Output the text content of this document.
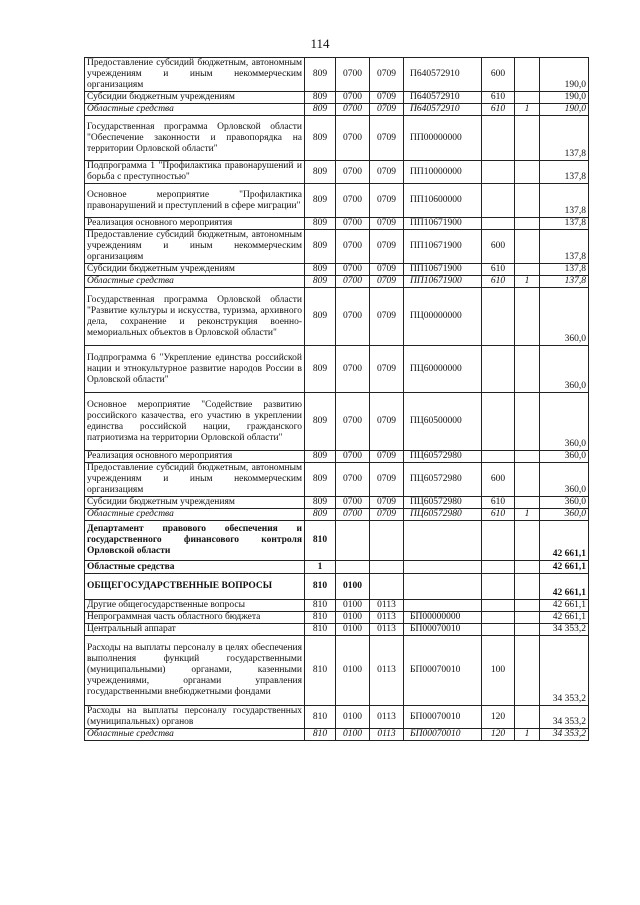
114
Предоставление субсидий бюджетным, автономным учреждениям и иным некоммерческим организациям	809	0700	0709	П640572910	600		190,0
Субсидии бюджетным учреждениям	809	0700	0709	П640572910	610		190,0
Областные средства	809	0700	0709	П640572910	610	1	190,0
Государственная программа Орловской области "Обеспечение законности и правопорядка на территории Орловской области"	809	0700	0709	ПП00000000			137,8
Подпрограмма 1 "Профилактика правонарушений и борьба с преступностью"	809	0700	0709	ПП10000000			137,8
Основное мероприятие "Профилактика правонарушений и преступлений в сфере миграции"	809	0700	0709	ПП10600000			137,8
Реализация основного мероприятия	809	0700	0709	ПП10671900			137,8
Предоставление субсидий бюджетным, автономным учреждениям и иным некоммерческим организациям	809	0700	0709	ПП10671900	600		137,8
Субсидии бюджетным учреждениям	809	0700	0709	ПП10671900	610		137,8
Областные средства	809	0700	0709	ПП10671900	610	1	137,8
Государственная программа Орловской области "Развитие культуры и искусства, туризма, архивного дела, сохранение и реконструкция военно-мемориальных объектов в Орловской области"	809	0700	0709	ПЦ00000000			360,0
Подпрограмма 6 "Укрепление единства российской нации и этнокультурное развитие народов России в Орловской области"	809	0700	0709	ПЦ60000000			360,0
Основное мероприятие "Содействие развитию российского казачества, его участию в укреплении единства российской нации, гражданского патриотизма на территории Орловской области"	809	0700	0709	ПЦ60500000			360,0
Реализация основного мероприятия	809	0700	0709	ПЦ60572980			360,0
Предоставление субсидий бюджетным, автономным учреждениям и иным некоммерческим организациям	809	0700	0709	ПЦ60572980	600		360,0
Субсидии бюджетным учреждениям	809	0700	0709	ПЦ60572980	610		360,0
Областные средства	809	0700	0709	ПЦ60572980	610	1	360,0
Департамент правового обеспечения и государственного финансового контроля Орловской области	810						42 661,1
Областные средства	1						42 661,1
ОБЩЕГОСУДАРСТВЕННЫЕ ВОПРОСЫ	810	0100					42 661,1
Другие общегосударственные вопросы	810	0100	0113				42 661,1
Непрограммная часть областного бюджета	810	0100	0113	БП00000000			42 661,1
Центральный аппарат	810	0100	0113	БП00070010			34 353,2
Расходы на выплаты персоналу в целях обеспечения выполнения функций государственными (муниципальными) органами, казенными учреждениями, органами управления государственными внебюджетными фондами	810	0100	0113	БП00070010	100		34 353,2
Расходы на выплаты персоналу государственных (муниципальных) органов	810	0100	0113	БП00070010	120		34 353,2
Областные средства	810	0100	0113	БП00070010	120	1	34 353,2
